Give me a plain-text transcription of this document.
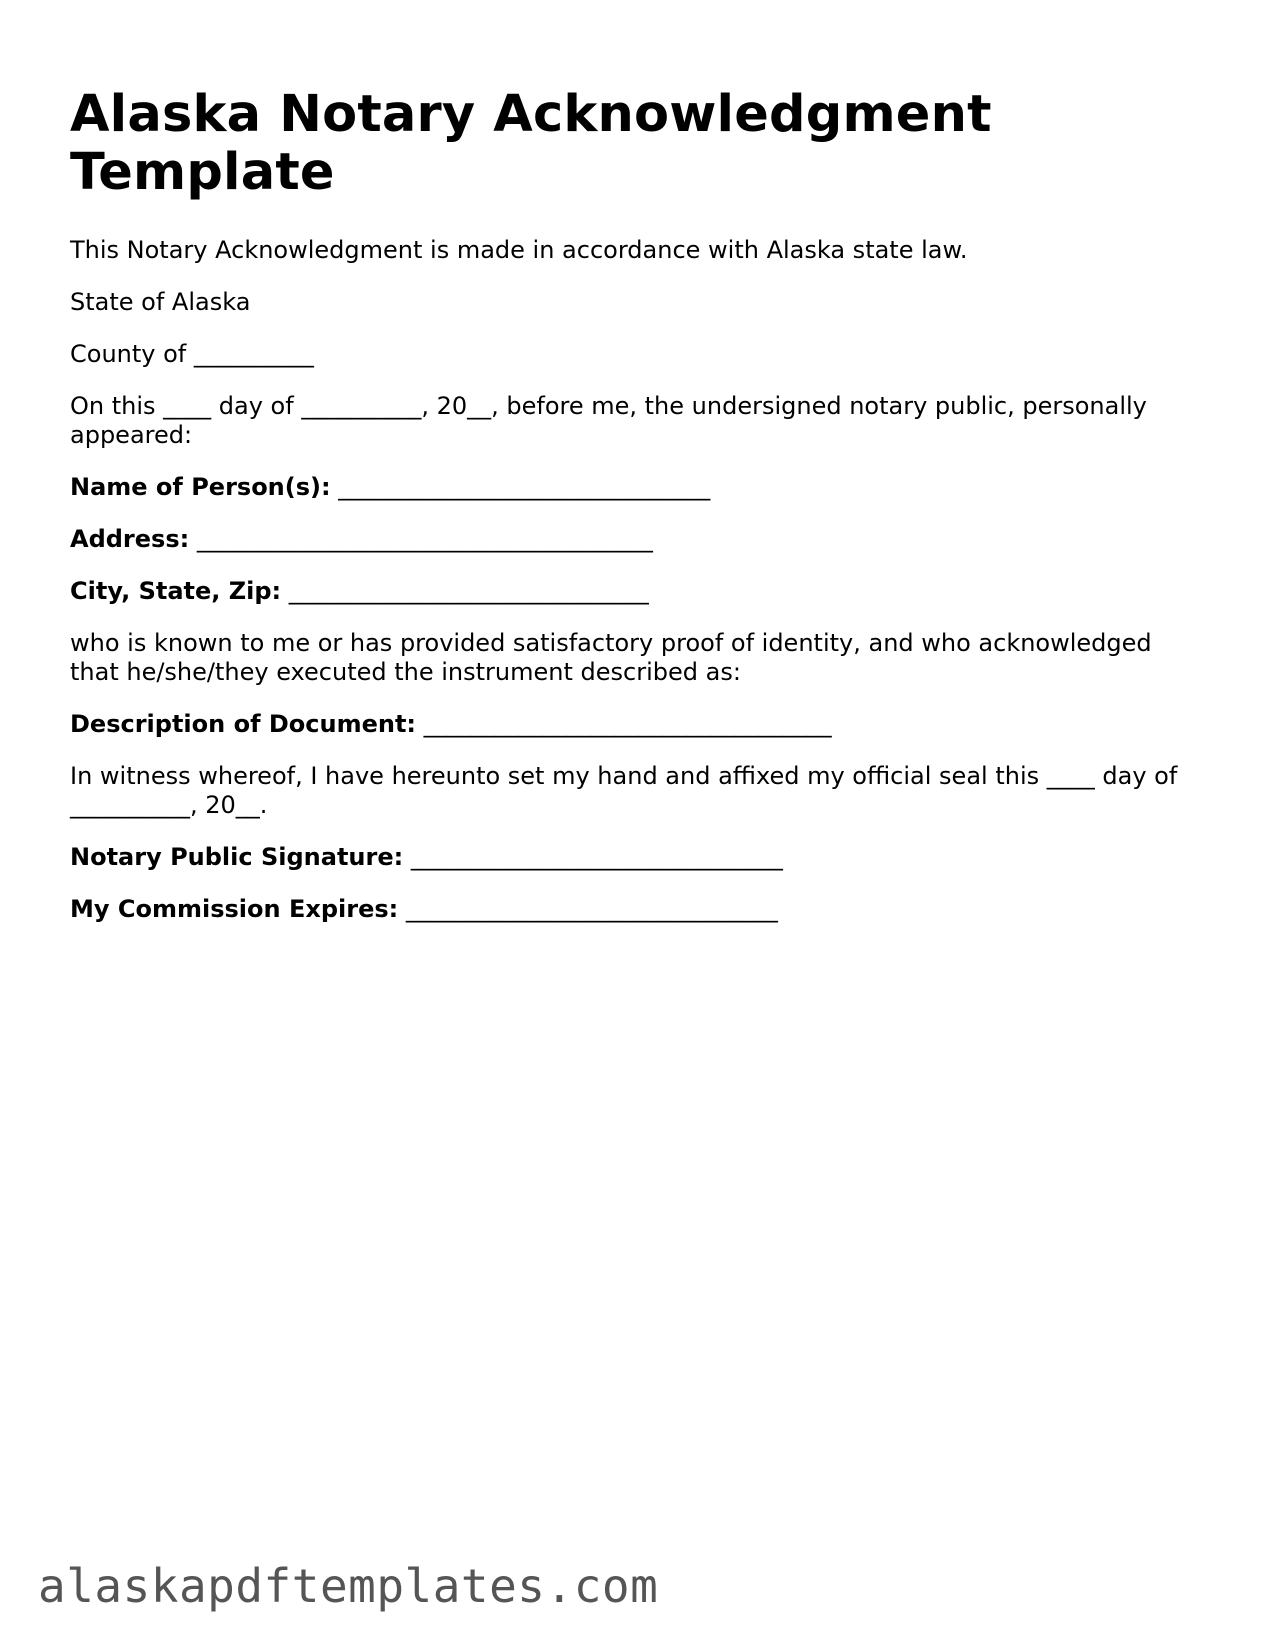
Alaska Notary Acknowledgment Template

This Notary Acknowledgment is made in accordance with Alaska state law.

State of Alaska

County of __________

On this ____ day of __________, 20__, before me, the undersigned notary public, personally appeared:

Name of Person(s): _______________________________

Address: ______________________________________

City, State, Zip: ______________________________

who is known to me or has provided satisfactory proof of identity, and who acknowledged that he/she/they executed the instrument described as:

Description of Document: __________________________________

In witness whereof, I have hereunto set my hand and affixed my official seal this ____ day of __________, 20__.

Notary Public Signature: _______________________________

My Commission Expires: _______________________________

alaskapdftemplates.com
